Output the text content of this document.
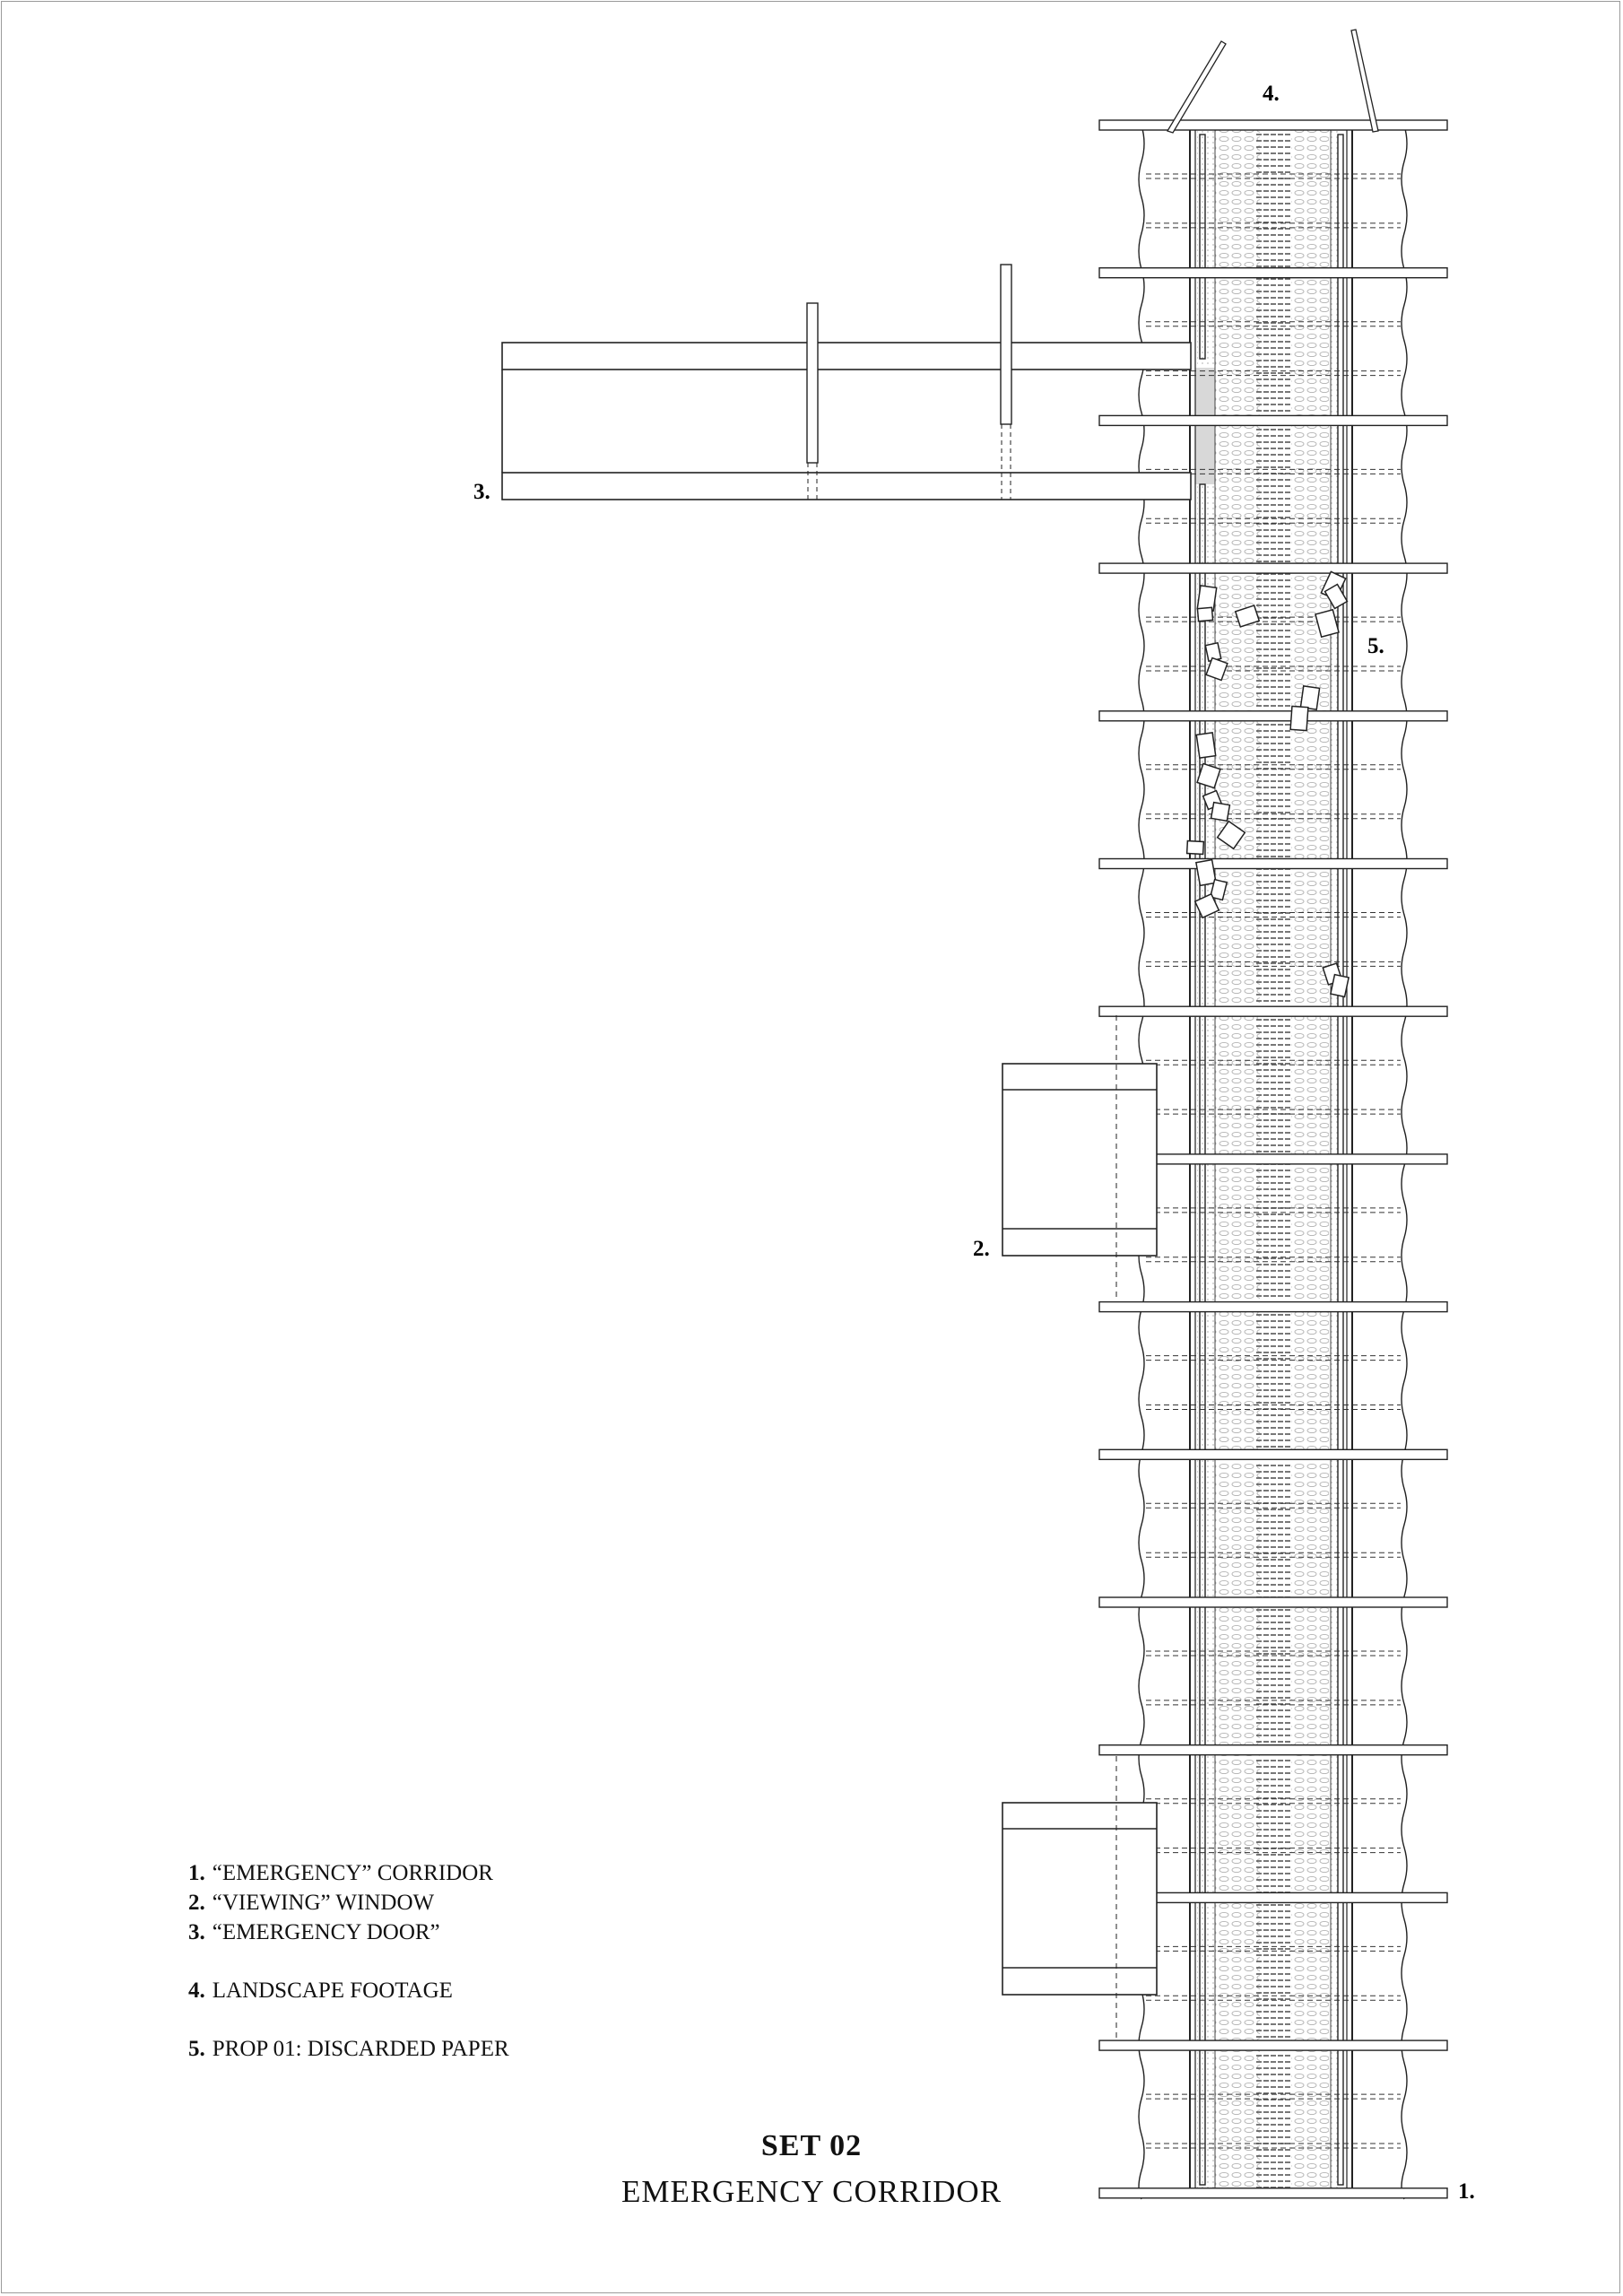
1.
2.
3.
4.
5.
1. “EMERGENCY” CORRIDOR
2. “VIEWING” WINDOW
3. “EMERGENCY DOOR”
4. LANDSCAPE FOOTAGE
5. PROP 01: DISCARDED PAPER
SET 02
EMERGENCY CORRIDOR
